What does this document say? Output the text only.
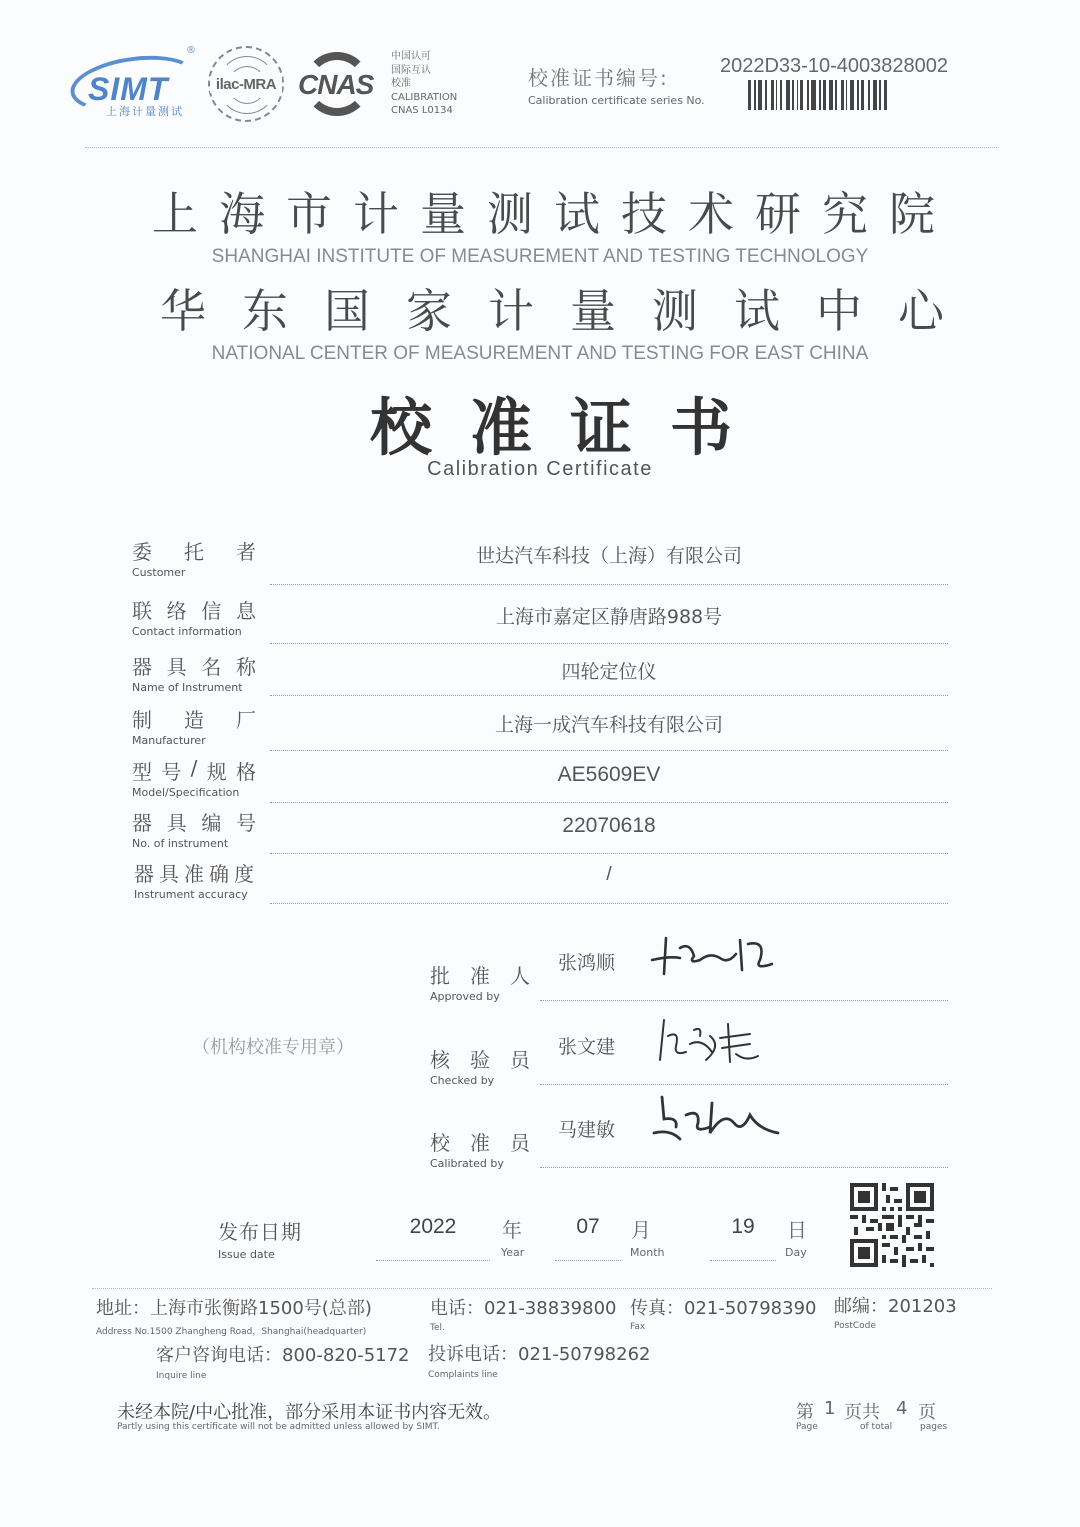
SIMT
上海计量测试
®
ilac-MRA CNAS
中国认可
国际互认
校准
CALIBRATION
CNAS L0134
校准证书编号:
Calibration certificate series No.
2022D33-10-4003828002
上海市计量测试技术研究院
SHANGHAI INSTITUTE OF MEASUREMENT AND TESTING TECHNOLOGY
华东国家计量测试中心
NATIONAL CENTER OF MEASUREMENT AND TESTING FOR EAST CHINA
校准证书
Calibration Certificate
委 托 者
Customer
世达汽车科技（上海）有限公司
联 络 信 息
Contact information
上海市嘉定区静唐路988号
器 具 名 称
Name of Instrument
四轮定位仪
制 造 厂
Manufacturer
上海一成汽车科技有限公司
型 号 / 规 格
Model/Specification
AE5609EV
器 具 编 号
No. of instrument
22070618
器 具 准 确 度
Instrument accuracy
/
（机构校准专用章）
批 准 人
Approved by
张鸿顺
核 验 员
Checked by
张文建
校 准 员
Calibrated by
马建敏
发布日期
Issue date
2022	年
Year
07	月
Month
19	日
Day
地址：上海市张衡路1500号(总部)
Address No.1500 Zhangheng Road，Shanghai(headquarter)
电话：021-38839800
Tel.
传真：021-50798390
Fax
邮编：201203
PostCode
客户咨询电话：800-820-5172
Inquire line
投诉电话：021-50798262
Complaints line
未经本院/中心批准，部分采用本证书内容无效。
Partly using this certificate will not be admitted unless allowed by SIMT.
第 1 页共 4 页
Page	of total	pages
